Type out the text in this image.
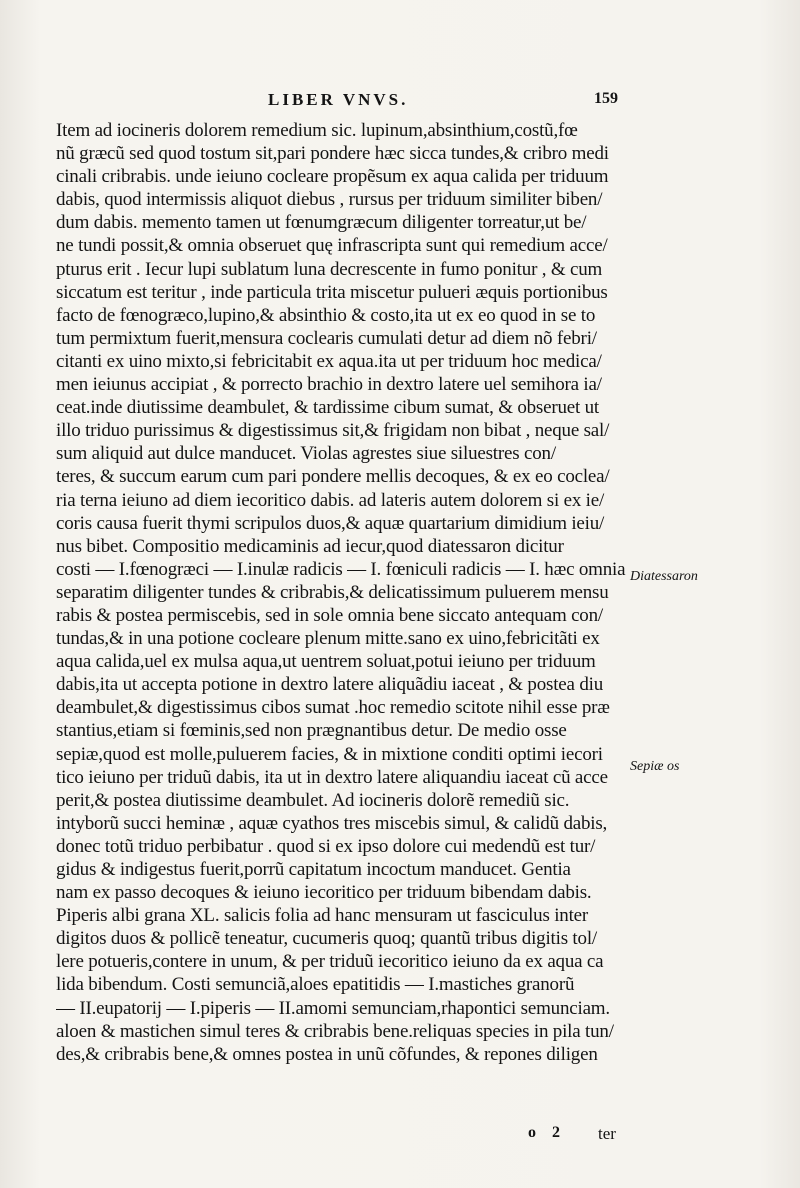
LIBER VNVS.	159
Item ad iocineris dolorem remedium sic. lupinum,absinthium,costũ,fœ
nũ græcũ sed quod tostum sit,pari pondere hæc sicca tundes,& cribro medi
cinali cribrabis. unde ieiuno cocleare propẽsum ex aqua calida per triduum
dabis, quod intermissis aliquot diebus , rursus per triduum similiter biben/
dum dabis. memento tamen ut fœnumgræcum diligenter torreatur,ut be/
ne tundi possit,& omnia obseruet quę infrascripta sunt qui remedium acce/
pturus erit . Iecur lupi sublatum luna decrescente in fumo ponitur , & cum
siccatum est teritur , inde particula trita miscetur pulueri æquis portionibus
facto de fœnogræco,lupino,& absinthio & costo,ita ut ex eo quod in se to
tum permixtum fuerit,mensura coclearis cumulati detur ad diem nõ febri/
citanti ex uino mixto,si febricitabit ex aqua.ita ut per triduum hoc medica/
men ieiunus accipiat , & porrecto brachio in dextro latere uel semihora ia/
ceat.inde diutissime deambulet, & tardissime cibum sumat, & obseruet ut
illo triduo purissimus & digestissimus sit,& frigidam non bibat , neque sal/
sum aliquid aut dulce manducet. Violas agrestes siue siluestres con/
teres, & succum earum cum pari pondere mellis decoques, & ex eo coclea/
ria terna ieiuno ad diem iecoritico dabis. ad lateris autem dolorem si ex ie/
coris causa fuerit thymi scripulos duos,& aquæ quartarium dimidium ieiu/
nus bibet. Compositio medicaminis ad iecur,quod diatessaron dicitur
costi — I.fœnogræci — I.inulæ radicis — I. fœniculi radicis — I. hæc omnia
separatim diligenter tundes & cribrabis,& delicatissimum puluerem mensu
rabis & postea permiscebis, sed in sole omnia bene siccato antequam con/
tundas,& in una potione cocleare plenum mitte.sano ex uino,febricitãti ex
aqua calida,uel ex mulsa aqua,ut uentrem soluat,potui ieiuno per triduum
dabis,ita ut accepta potione in dextro latere aliquãdiu iaceat , & postea diu
deambulet,& digestissimus cibos sumat .hoc remedio scitote nihil esse præ
stantius,etiam si fœminis,sed non prægnantibus detur. De medio osse
sepiæ,quod est molle,puluerem facies, & in mixtione conditi optimi iecori
tico ieiuno per triduũ dabis, ita ut in dextro latere aliquandiu iaceat cũ acce
perit,& postea diutissime deambulet. Ad iocineris dolorẽ remediũ sic.
intyborũ succi heminæ , aquæ cyathos tres miscebis simul, & calidũ dabis,
donec totũ triduo perbibatur . quod si ex ipso dolore cui medendũ est tur/
gidus & indigestus fuerit,porrũ capitatum incoctum manducet. Gentia
nam ex passo decoques & ieiuno iecoritico per triduum bibendam dabis.
Piperis albi grana XL. salicis folia ad hanc mensuram ut fasciculus inter
digitos duos & pollicẽ teneatur, cucumeris quoq; quantũ tribus digitis tol/
lere potueris,contere in unum, & per triduũ iecoritico ieiuno da ex aqua ca
lida bibendum. Costi semunciã,aloes epatitidis — I.mastiches granorũ
— II.eupatorij — I.piperis — II.amomi semunciam,rhapontici semunciam.
aloen & mastichen simul teres & cribrabis bene.reliquas species in pila tun/
des,& cribrabis bene,& omnes postea in unũ cõfundes, & repones diligen
Diatessaron
Sepiæ os
o 2 ter
